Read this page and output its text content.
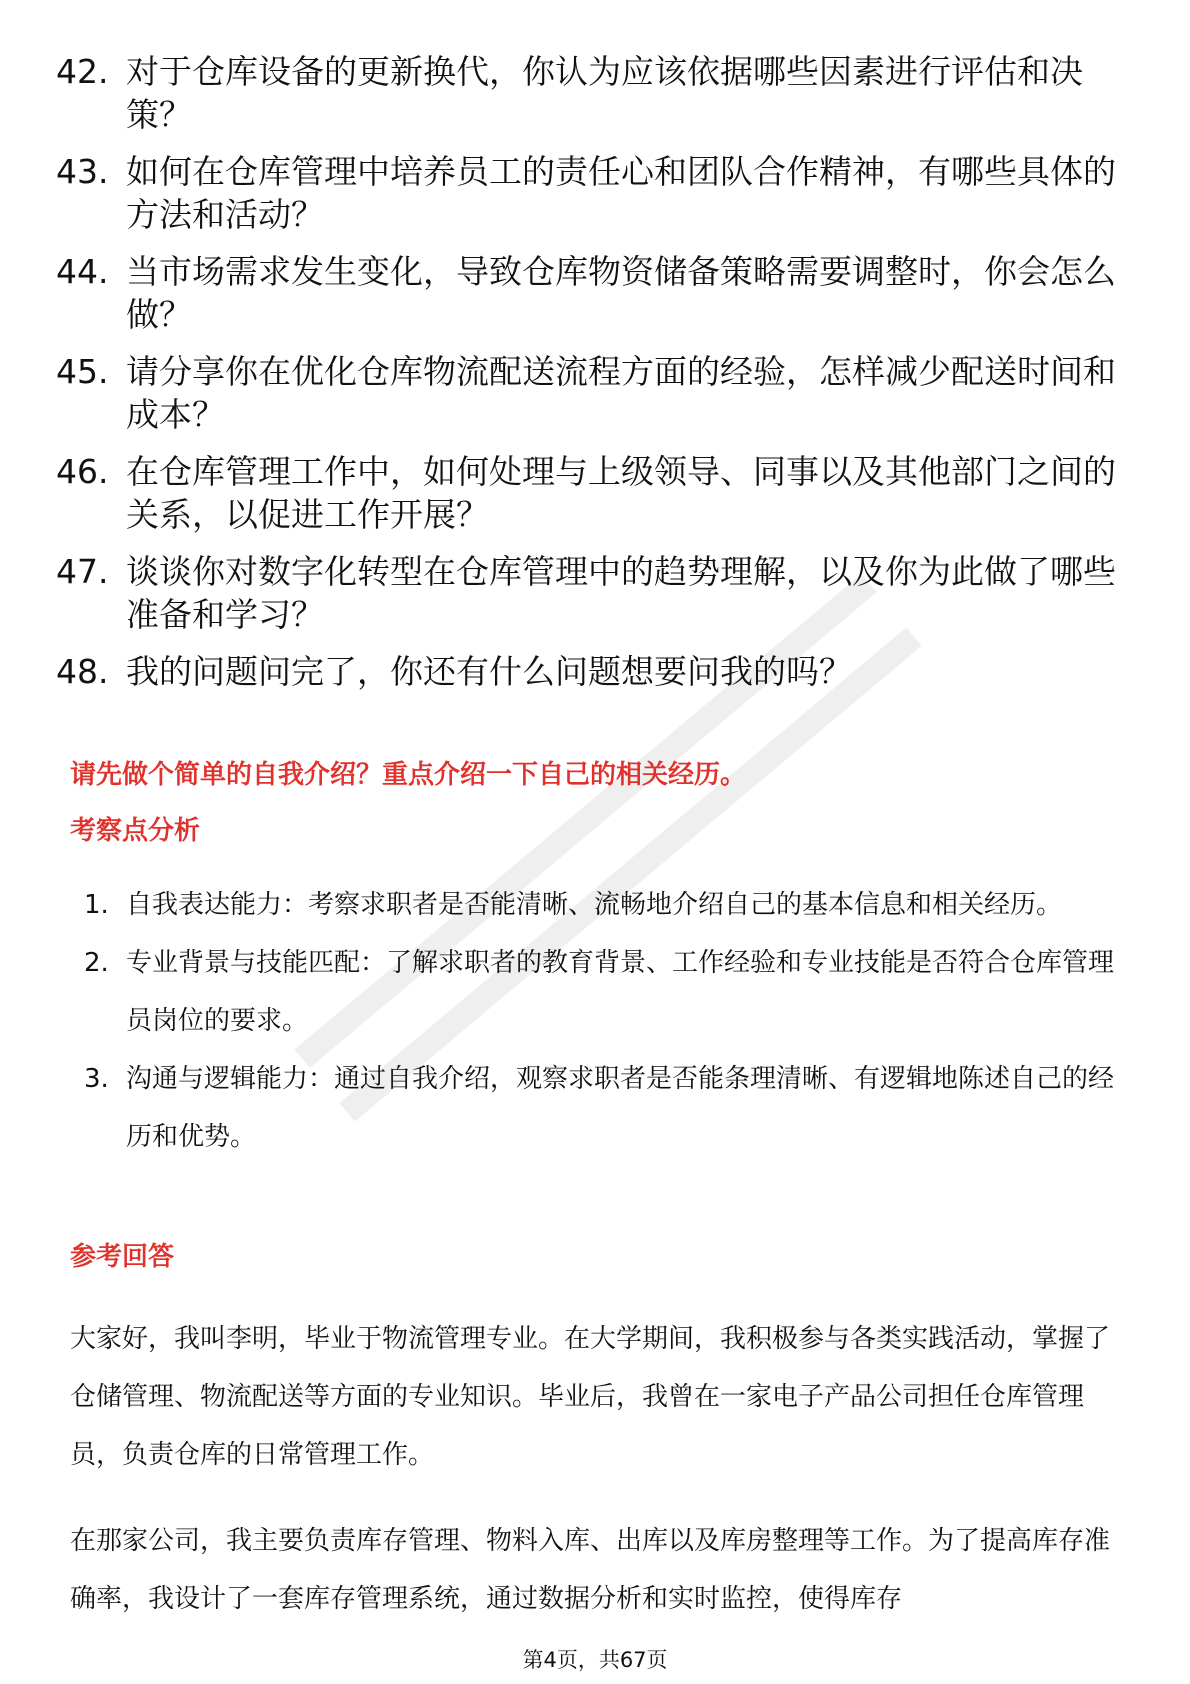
42. 对于仓库设备的更新换代，你认为应该依据哪些因素进行评估和决策？
43. 如何在仓库管理中培养员工的责任心和团队合作精神，有哪些具体的方法和活动？
44. 当市场需求发生变化，导致仓库物资储备策略需要调整时，你会怎么做？
45. 请分享你在优化仓库物流配送流程方面的经验，怎样减少配送时间和成本？
46. 在仓库管理工作中，如何处理与上级领导、同事以及其他部门之间的关系，以促进工作开展？
47. 谈谈你对数字化转型在仓库管理中的趋势理解，以及你为此做了哪些准备和学习？
48. 我的问题问完了，你还有什么问题想要问我的吗？
请先做个简单的自我介绍？重点介绍一下自己的相关经历。
考察点分析
1. 自我表达能力：考察求职者是否能清晰、流畅地介绍自己的基本信息和相关经历。
2. 专业背景与技能匹配：了解求职者的教育背景、工作经验和专业技能是否符合仓库管理员岗位的要求。
3. 沟通与逻辑能力：通过自我介绍，观察求职者是否能条理清晰、有逻辑地陈述自己的经历和优势。
参考回答

大家好，我叫李明，毕业于物流管理专业。在大学期间，我积极参与各类实践活动，掌握了仓储管理、物流配送等方面的专业知识。毕业后，我曾在一家电子产品公司担任仓库管理员，负责仓库的日常管理工作。

在那家公司，我主要负责库存管理、物料入库、出库以及库房整理等工作。为了提高库存准确率，我设计了一套库存管理系统，通过数据分析和实时监控，使得库存

第4页，共67页
